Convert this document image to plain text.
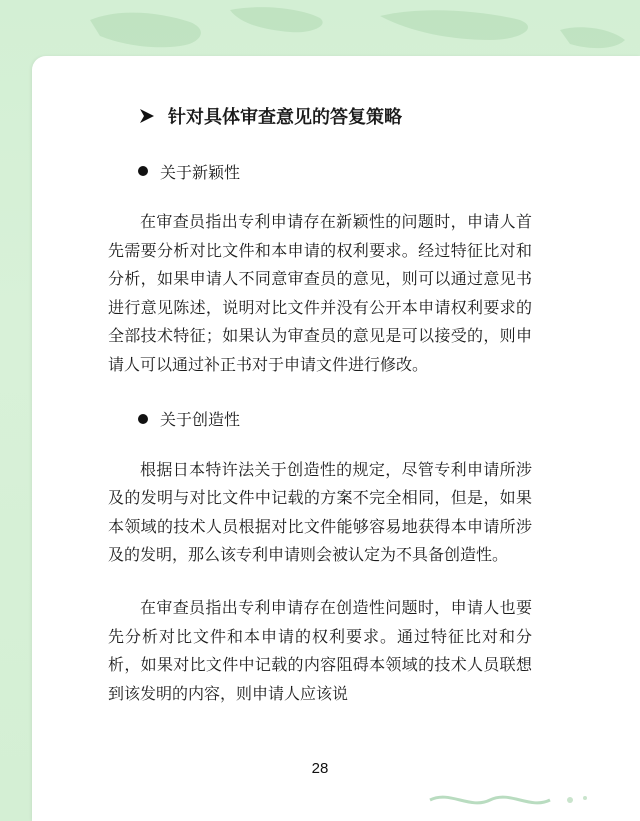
针对具体审查意见的答复策略
关于新颖性

在审查员指出专利申请存在新颖性的问题时，申请人首先需要分析对比文件和本申请的权利要求。经过特征比对和分析，如果申请人不同意审查员的意见，则可以通过意见书进行意见陈述，说明对比文件并没有公开本申请权利要求的全部技术特征；如果认为审查员的意见是可以接受的，则申请人可以通过补正书对于申请文件进行修改。

关于创造性

根据日本特许法关于创造性的规定，尽管专利申请所涉及的发明与对比文件中记载的方案不完全相同，但是，如果本领域的技术人员根据对比文件能够容易地获得本申请所涉及的发明，那么该专利申请则会被认定为不具备创造性。

在审查员指出专利申请存在创造性问题时，申请人也要先分析对比文件和本申请的权利要求。通过特征比对和分析，如果对比文件中记载的内容阻碍本领域的技术人员联想到该发明的内容，则申请人应该说

28
